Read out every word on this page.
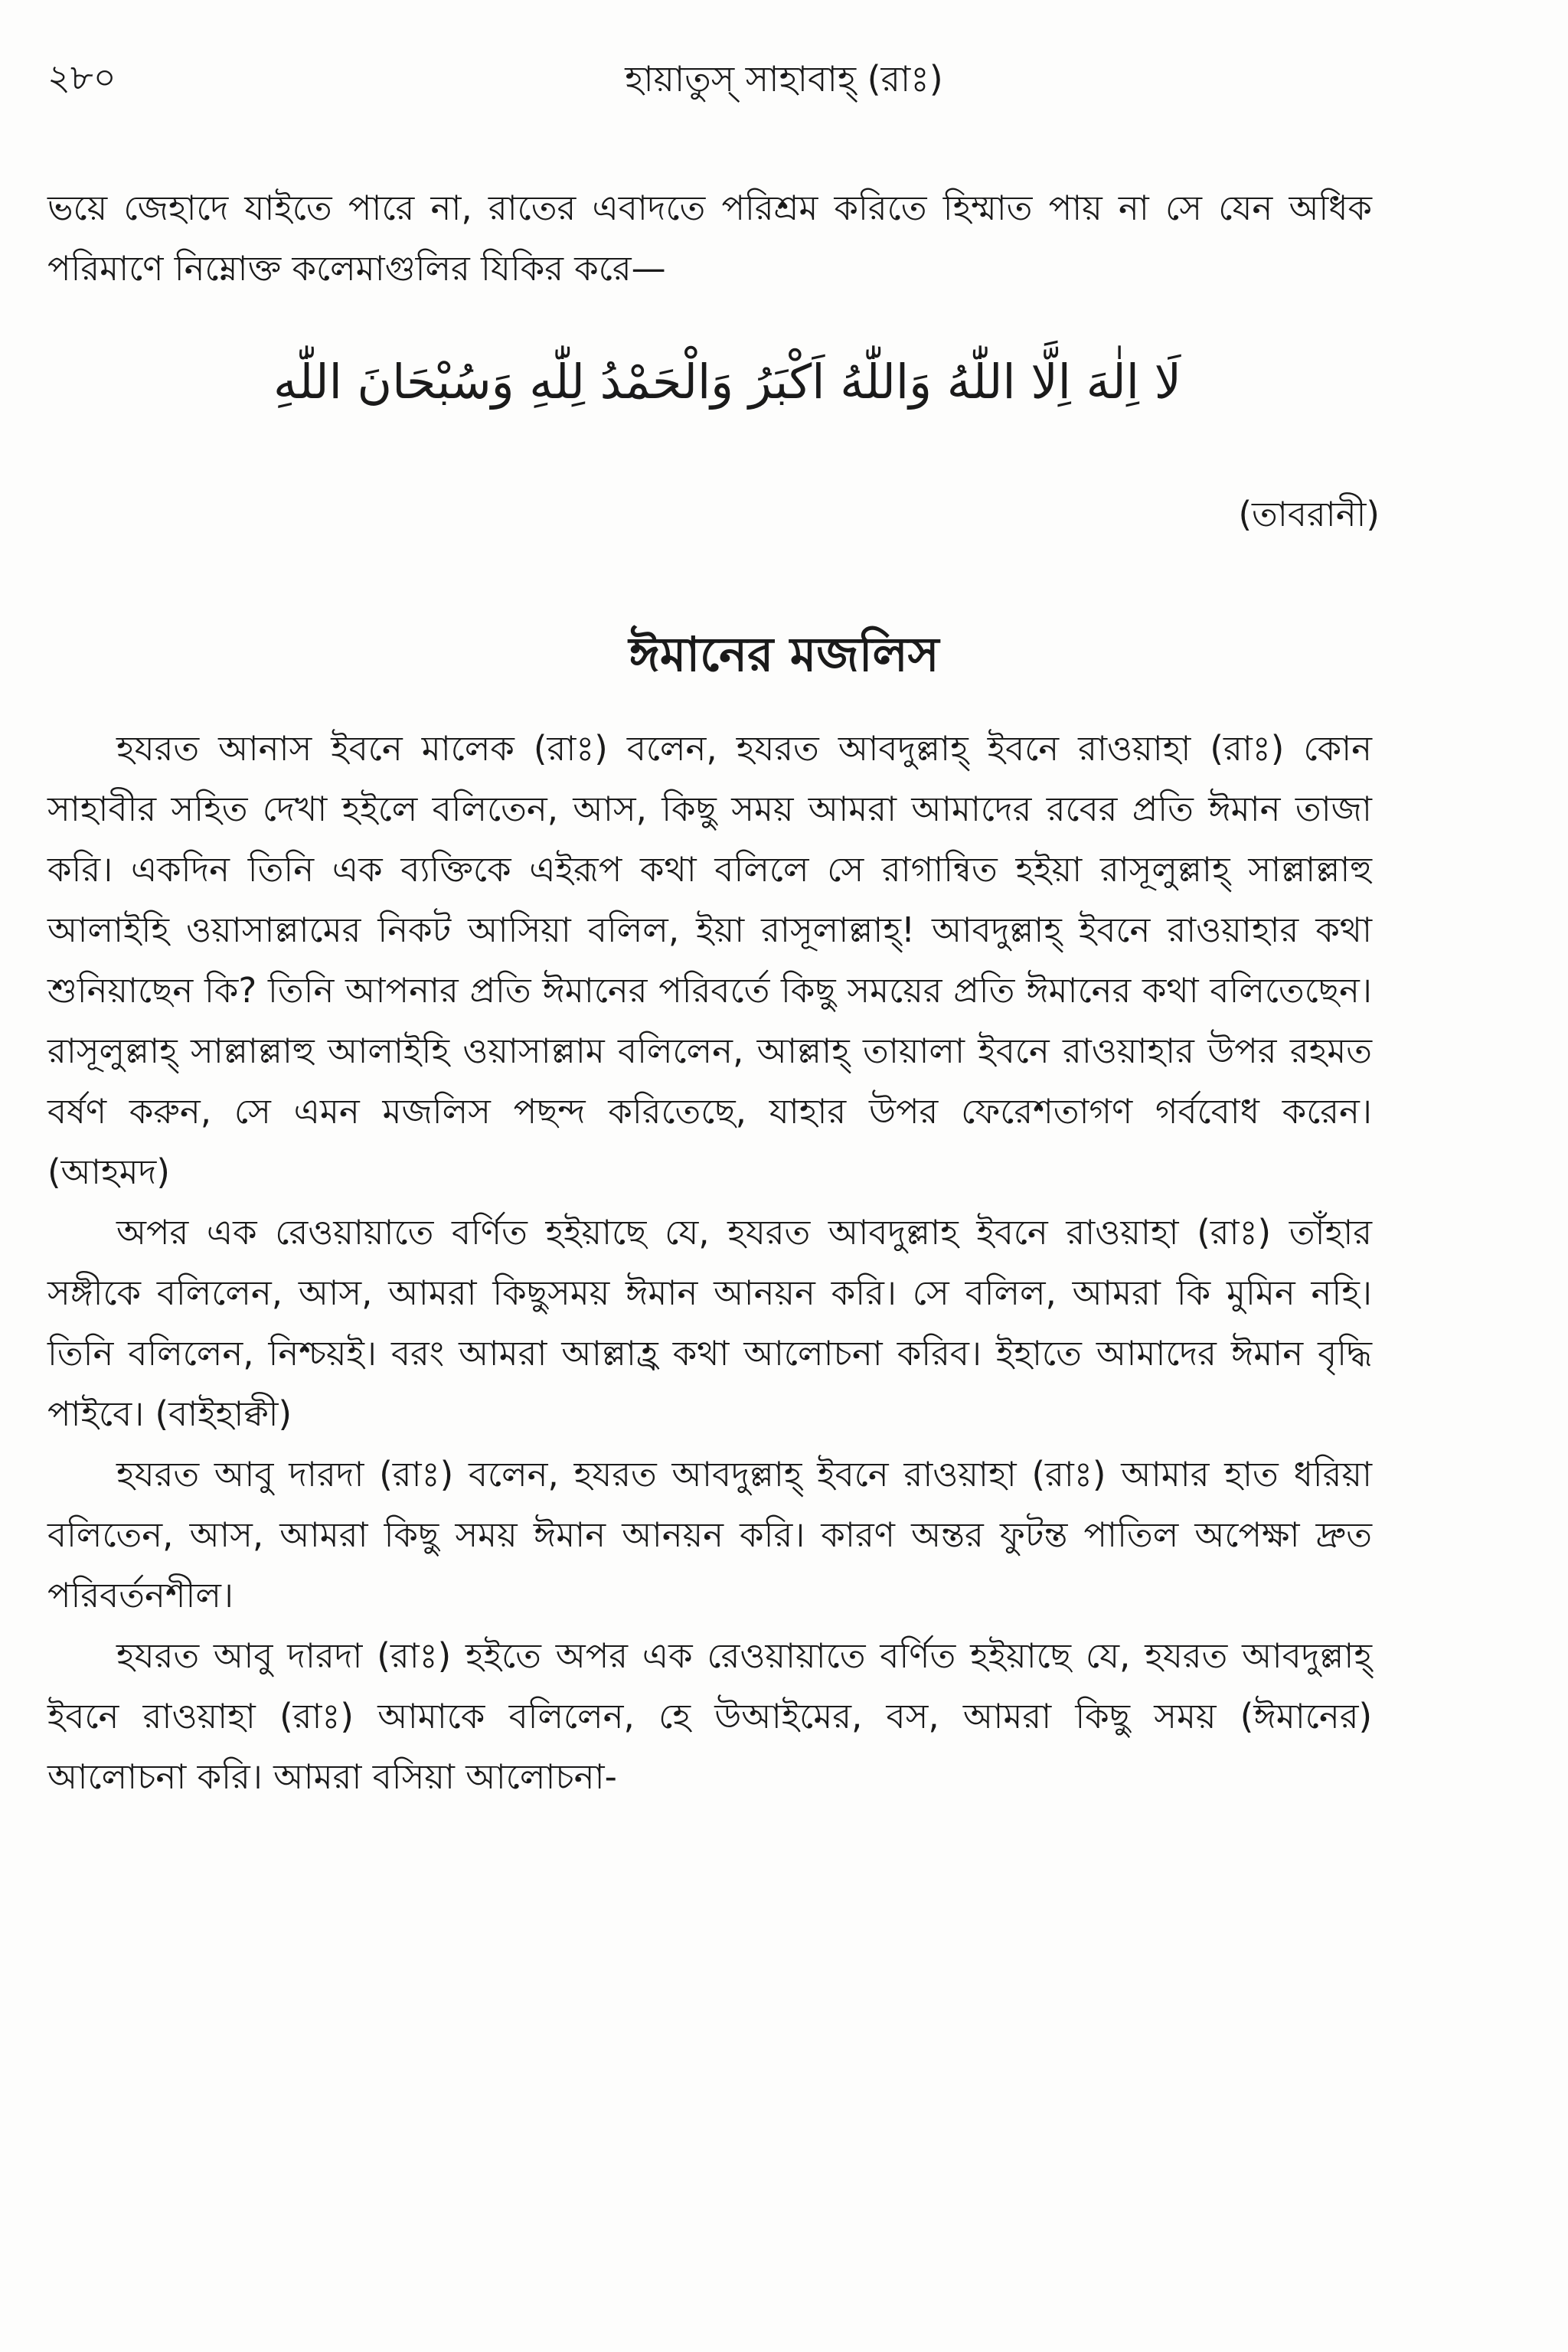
২৮০	হায়াতুস্ সাহাবাহ্ (রাঃ)

ভয়ে জেহাদে যাইতে পারে না, রাতের এবাদতে পরিশ্রম করিতে হিম্মাত পায় না সে যেন অধিক পরিমাণে নিম্নোক্ত কলেমাগুলির যিকির করে—

لَا اِلٰهَ اِلَّا اللّٰهُ وَاللّٰهُ اَكْبَرُ وَالْحَمْدُ لِلّٰهِ وَسُبْحَانَ اللّٰهِ
(তাবরানী)
ঈমানের মজলিস

হযরত আনাস ইবনে মালেক (রাঃ) বলেন, হযরত আবদুল্লাহ্ ইবনে রাওয়াহা (রাঃ) কোন সাহাবীর সহিত দেখা হইলে বলিতেন, আস, কিছু সময় আমরা আমাদের রবের প্রতি ঈমান তাজা করি। একদিন তিনি এক ব্যক্তিকে এইরূপ কথা বলিলে সে রাগান্বিত হইয়া রাসূলুল্লাহ্ সাল্লাল্লাহু আলাইহি ওয়াসাল্লামের নিকট আসিয়া বলিল, ইয়া রাসূলাল্লাহ্! আবদুল্লাহ্ ইবনে রাওয়াহার কথা শুনিয়াছেন কি? তিনি আপনার প্রতি ঈমানের পরিবর্তে কিছু সময়ের প্রতি ঈমানের কথা বলিতেছেন। রাসূলুল্লাহ্ সাল্লাল্লাহু আলাইহি ওয়াসাল্লাম বলিলেন, আল্লাহ্ তায়ালা ইবনে রাওয়াহার উপর রহমত বর্ষণ করুন, সে এমন মজলিস পছন্দ করিতেছে, যাহার উপর ফেরেশতাগণ গর্ববোধ করেন। (আহমদ)

অপর এক রেওয়ায়াতে বর্ণিত হইয়াছে যে, হযরত আবদুল্লাহ ইবনে রাওয়াহা (রাঃ) তাঁহার সঙ্গীকে বলিলেন, আস, আমরা কিছুসময় ঈমান আনয়ন করি। সে বলিল, আমরা কি মুমিন নহি। তিনি বলিলেন, নিশ্চয়ই। বরং আমরা আল্লাহ্র কথা আলোচনা করিব। ইহাতে আমাদের ঈমান বৃদ্ধি পাইবে। (বাইহাক্বী)

হযরত আবু দারদা (রাঃ) বলেন, হযরত আবদুল্লাহ্ ইবনে রাওয়াহা (রাঃ) আমার হাত ধরিয়া বলিতেন, আস, আমরা কিছু সময় ঈমান আনয়ন করি। কারণ অন্তর ফুটন্ত পাতিল অপেক্ষা দ্রুত পরিবর্তনশীল।

হযরত আবু দারদা (রাঃ) হইতে অপর এক রেওয়ায়াতে বর্ণিত হইয়াছে যে, হযরত আবদুল্লাহ্ ইবনে রাওয়াহা (রাঃ) আমাকে বলিলেন, হে উআইমের, বস, আমরা কিছু সময় (ঈমানের) আলোচনা করি। আমরা বসিয়া আলোচনা-
